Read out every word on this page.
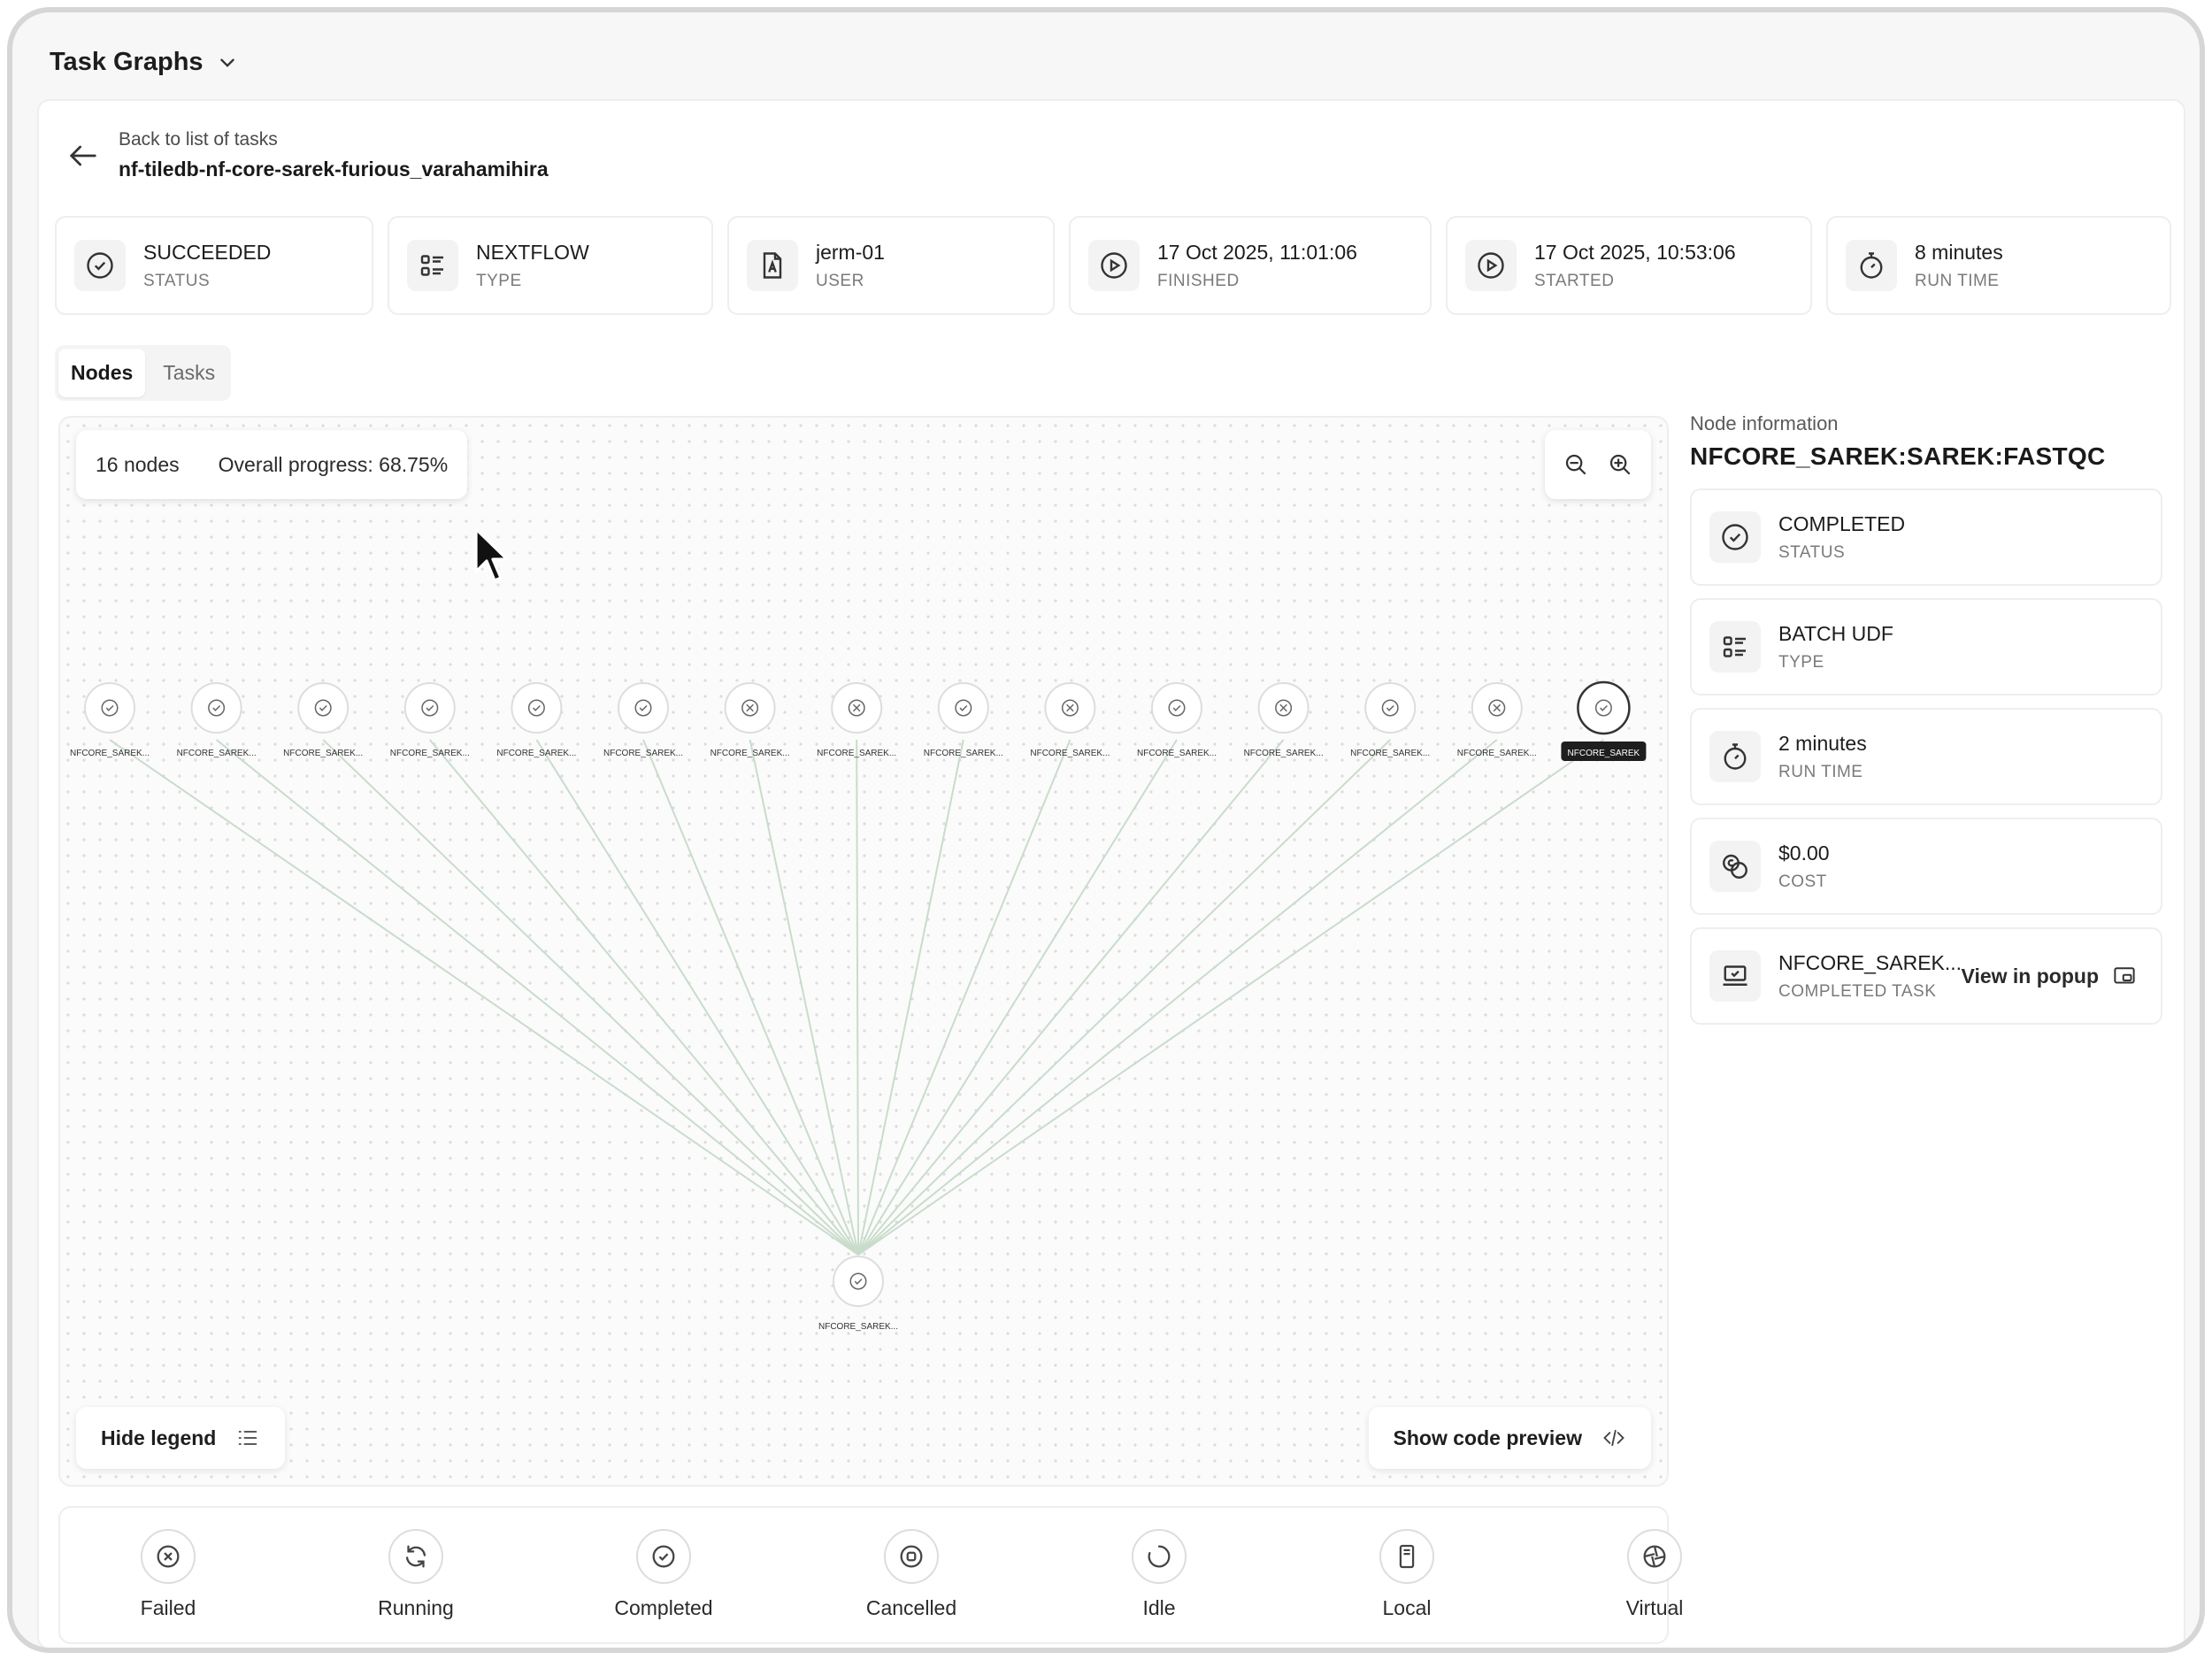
Task Graphs
Back to list of tasks
nf-tiledb-nf-core-sarek-furious_varahamihira
SUCCEEDED
STATUS
NEXTFLOW
TYPE
jerm-01
USER
17 Oct 2025, 11:01:06
FINISHED
17 Oct 2025, 10:53:06
STARTED
8 minutes
RUN TIME
Nodes	Tasks
NFCORE_SAREK...	NFCORE_SAREK...	NFCORE_SAREK...	NFCORE_SAREK...	NFCORE_SAREK...	NFCORE_SAREK...	NFCORE_SAREK...	NFCORE_SAREK...	NFCORE_SAREK...	NFCORE_SAREK...	NFCORE_SAREK...	NFCORE_SAREK...	NFCORE_SAREK...	NFCORE_SAREK...	NFCORE_SAREK
NFCORE_SAREK...
16 nodes Overall progress: 68.75%
Hide legend	Show code preview
Failed	Running	Completed	Cancelled	Idle	Local	Virtual
Node information
NFCORE_SAREK:SAREK:FASTQC
COMPLETED
STATUS
BATCH UDF
TYPE
2 minutes
RUN TIME
$0.00
COST
NFCORE_SAREK...
COMPLETED TASK
View in popup
